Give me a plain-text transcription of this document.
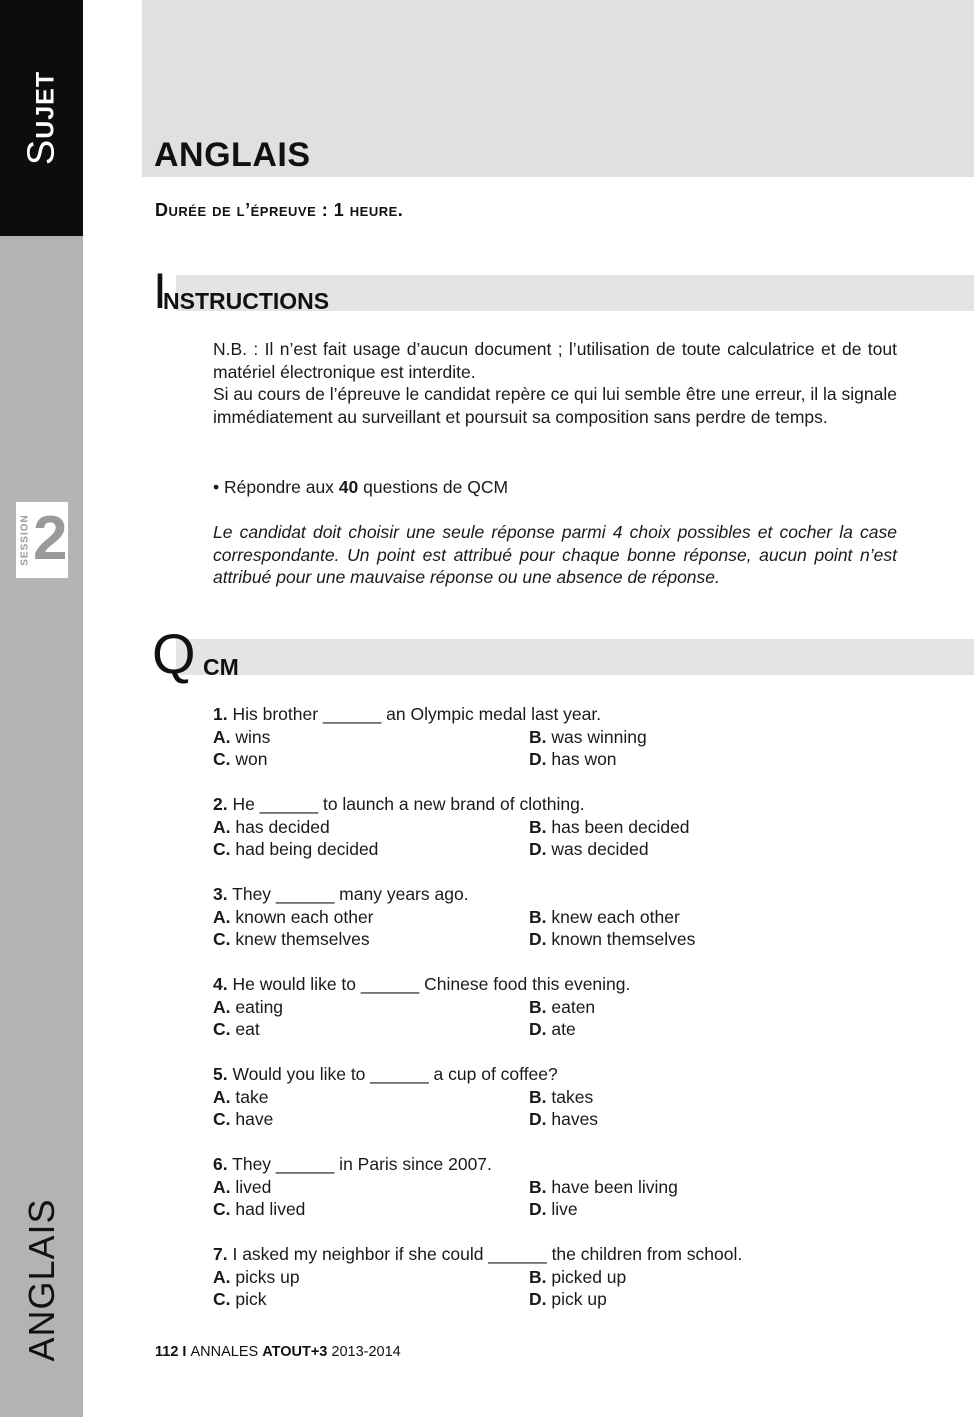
Sujet
SESSION 2
ANGLAIS
ANGLAIS
Durée de l’épreuve : 1 heure.
I
NSTRUCTIONS

N.B. : Il n’est fait usage d’aucun document ; l’utilisation de toute calculatrice et de tout matériel électronique est interdite.

Si au cours de l’épreuve le candidat repère ce qui lui semble être une erreur, il la signale immédiatement au surveillant et poursuit sa composition sans perdre de temps.

• Répondre aux 40 questions de QCM
Le candidat doit choisir une seule réponse parmi 4 choix possibles et cocher la case correspondante. Un point est attribué pour chaque bonne réponse, aucun point n’est attribué pour une mauvaise réponse ou une absence de réponse.
Q CM
1. His brother ______ an Olympic medal last year.
A. wins	B. was winning
C. won	D. has won
2. He ______ to launch a new brand of clothing.
A. has decided	B. has been decided
C. had being decided	D. was decided
3. They ______ many years ago.
A. known each other	B. knew each other
C. knew themselves	D. known themselves
4. He would like to ______ Chinese food this evening.
A. eating	B. eaten
C. eat	D. ate
5. Would you like to ______ a cup of coffee?
A. take	B. takes
C. have	D. haves
6. They ______ in Paris since 2007.
A. lived	B. have been living
C. had lived	D. live
7. I asked my neighbor if she could ______ the children from school.
A. picks up	B. picked up
C. pick	D. pick up
112 I ANNALES ATOUT+3 2013-2014
